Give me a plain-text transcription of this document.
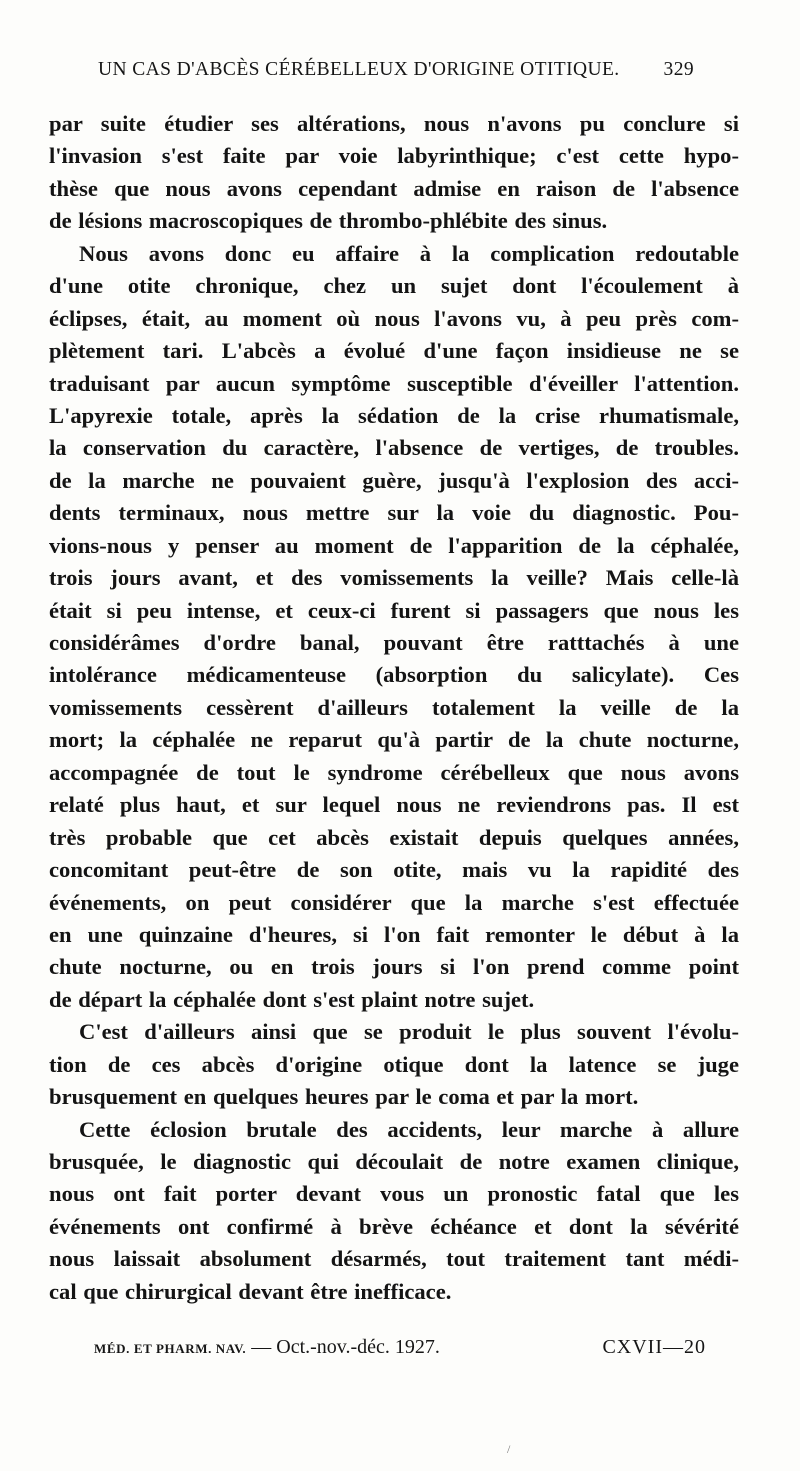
UN CAS D'ABCÈS CÉRÉBELLEUX D'ORIGINE OTITIQUE. 329
par suite étudier ses altérations, nous n'avons pu conclure si
l'invasion s'est faite par voie labyrinthique; c'est cette hypo-
thèse que nous avons cependant admise en raison de l'absence
de lésions macroscopiques de thrombo-phlébite des sinus.
Nous avons donc eu affaire à la complication redoutable
d'une otite chronique, chez un sujet dont l'écoulement à
éclipses, était, au moment où nous l'avons vu, à peu près com-
plètement tari. L'abcès a évolué d'une façon insidieuse ne se
traduisant par aucun symptôme susceptible d'éveiller l'attention.
L'apyrexie totale, après la sédation de la crise rhumatismale,
la conservation du caractère, l'absence de vertiges, de troubles.
de la marche ne pouvaient guère, jusqu'à l'explosion des acci-
dents terminaux, nous mettre sur la voie du diagnostic. Pou-
vions-nous y penser au moment de l'apparition de la céphalée,
trois jours avant, et des vomissements la veille? Mais celle-là
était si peu intense, et ceux-ci furent si passagers que nous les
considérâmes d'ordre banal, pouvant être ratttachés à une
intolérance médicamenteuse (absorption du salicylate). Ces
vomissements cessèrent d'ailleurs totalement la veille de la
mort; la céphalée ne reparut qu'à partir de la chute nocturne,
accompagnée de tout le syndrome cérébelleux que nous avons
relaté plus haut, et sur lequel nous ne reviendrons pas. Il est
très probable que cet abcès existait depuis quelques années,
concomitant peut-être de son otite, mais vu la rapidité des
événements, on peut considérer que la marche s'est effectuée
en une quinzaine d'heures, si l'on fait remonter le début à la
chute nocturne, ou en trois jours si l'on prend comme point
de départ la céphalée dont s'est plaint notre sujet.
C'est d'ailleurs ainsi que se produit le plus souvent l'évolu-
tion de ces abcès d'origine otique dont la latence se juge
brusquement en quelques heures par le coma et par la mort.
Cette éclosion brutale des accidents, leur marche à allure
brusquée, le diagnostic qui découlait de notre examen clinique,
nous ont fait porter devant vous un pronostic fatal que les
événements ont confirmé à brève échéance et dont la sévérité
nous laissait absolument désarmés, tout traitement tant médi-
cal que chirurgical devant être inefficace.
MÉD. ET PHARM. NAV. — Oct.-nov.-déc. 1927.	CXVII—20
/
